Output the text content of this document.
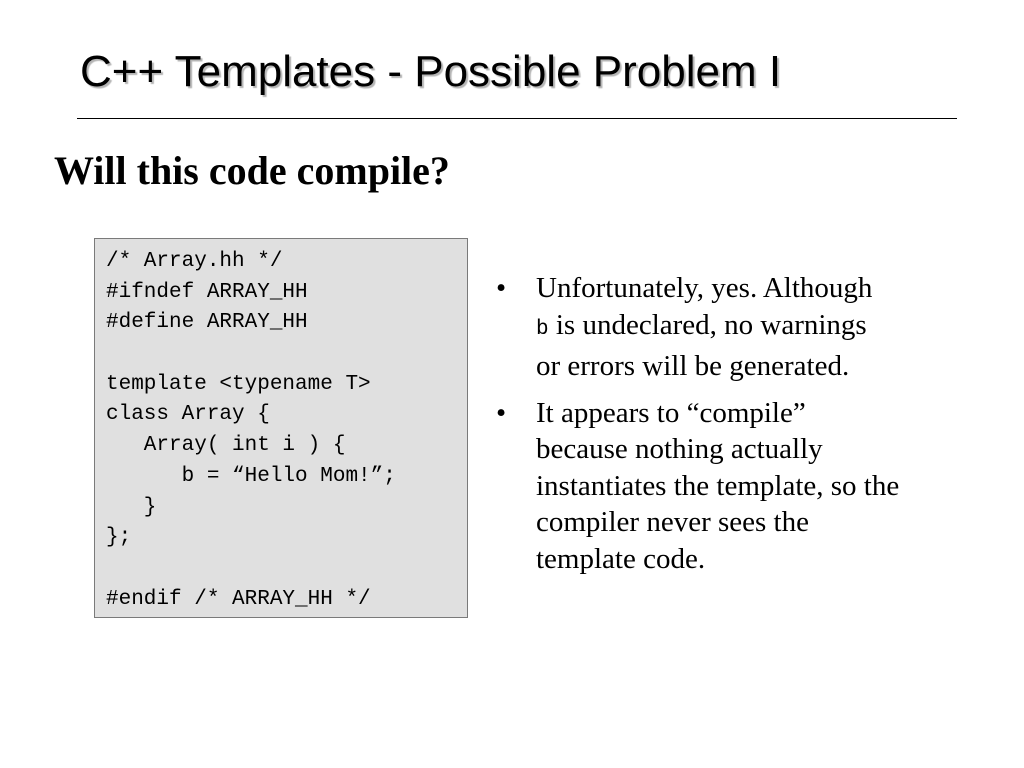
C++ Templates - Possible Problem I
Will this code compile?
/* Array.hh */
#ifndef ARRAY_HH
#define ARRAY_HH
template <typename T>
class Array {
Array( int i ) {
b = “Hello Mom!”;
}
};
#endif /* ARRAY_HH */
• Unfortunately, yes. Although
b is undeclared, no warnings
or errors will be generated.
• It appears to “compile”
because nothing actually
instantiates the template, so the
compiler never sees the
template code.
